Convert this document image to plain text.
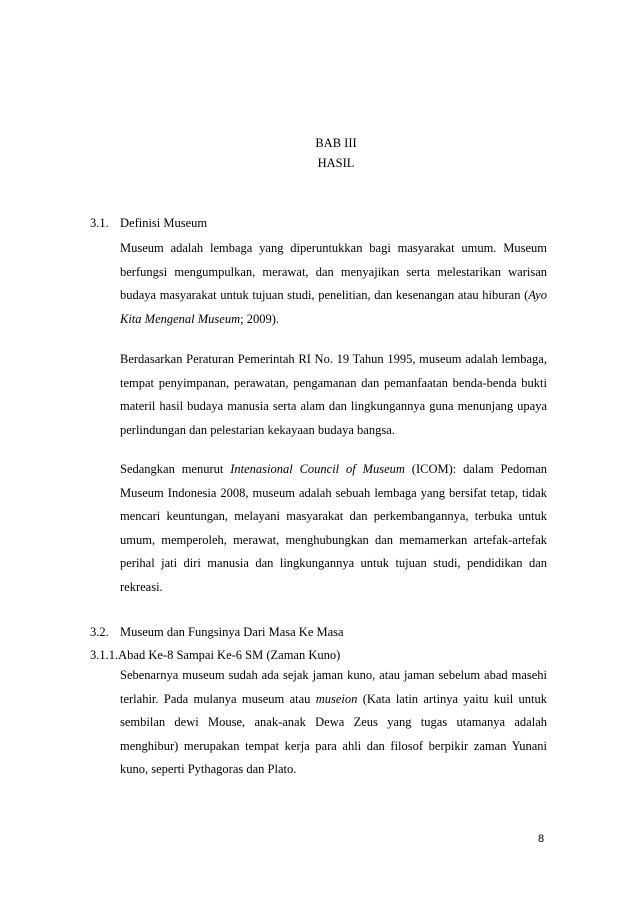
BAB III
HASIL
3.1. Definisi Museum

Museum adalah lembaga yang diperuntukkan bagi masyarakat umum. Museum berfungsi mengumpulkan, merawat, dan menyajikan serta melestarikan warisan budaya masyarakat untuk tujuan studi, penelitian, dan kesenangan atau hiburan (Ayo Kita Mengenal Museum; 2009).

Berdasarkan Peraturan Pemerintah RI No. 19 Tahun 1995, museum adalah lembaga, tempat penyimpanan, perawatan, pengamanan dan pemanfaatan benda-benda bukti materil hasil budaya manusia serta alam dan lingkungannya guna menunjang upaya perlindungan dan pelestarian kekayaan budaya bangsa.

Sedangkan menurut Intenasional Council of Museum (ICOM): dalam Pedoman Museum Indonesia 2008, museum adalah sebuah lembaga yang bersifat tetap, tidak mencari keuntungan, melayani masyarakat dan perkembangannya, terbuka untuk umum, memperoleh, merawat, menghubungkan dan memamerkan artefak-artefak perihal jati diri manusia dan lingkungannya untuk tujuan studi, pendidikan dan rekreasi.

3.2. Museum dan Fungsinya Dari Masa Ke Masa
3.1.1.Abad Ke-8 Sampai Ke-6 SM (Zaman Kuno)

Sebenarnya museum sudah ada sejak jaman kuno, atau jaman sebelum abad masehi terlahir. Pada mulanya museum atau museion (Kata latin artinya yaitu kuil untuk sembilan dewi Mouse, anak-anak Dewa Zeus yang tugas utamanya adalah menghibur) merupakan tempat kerja para ahli dan filosof berpikir zaman Yunani kuno, seperti Pythagoras dan Plato.

8
